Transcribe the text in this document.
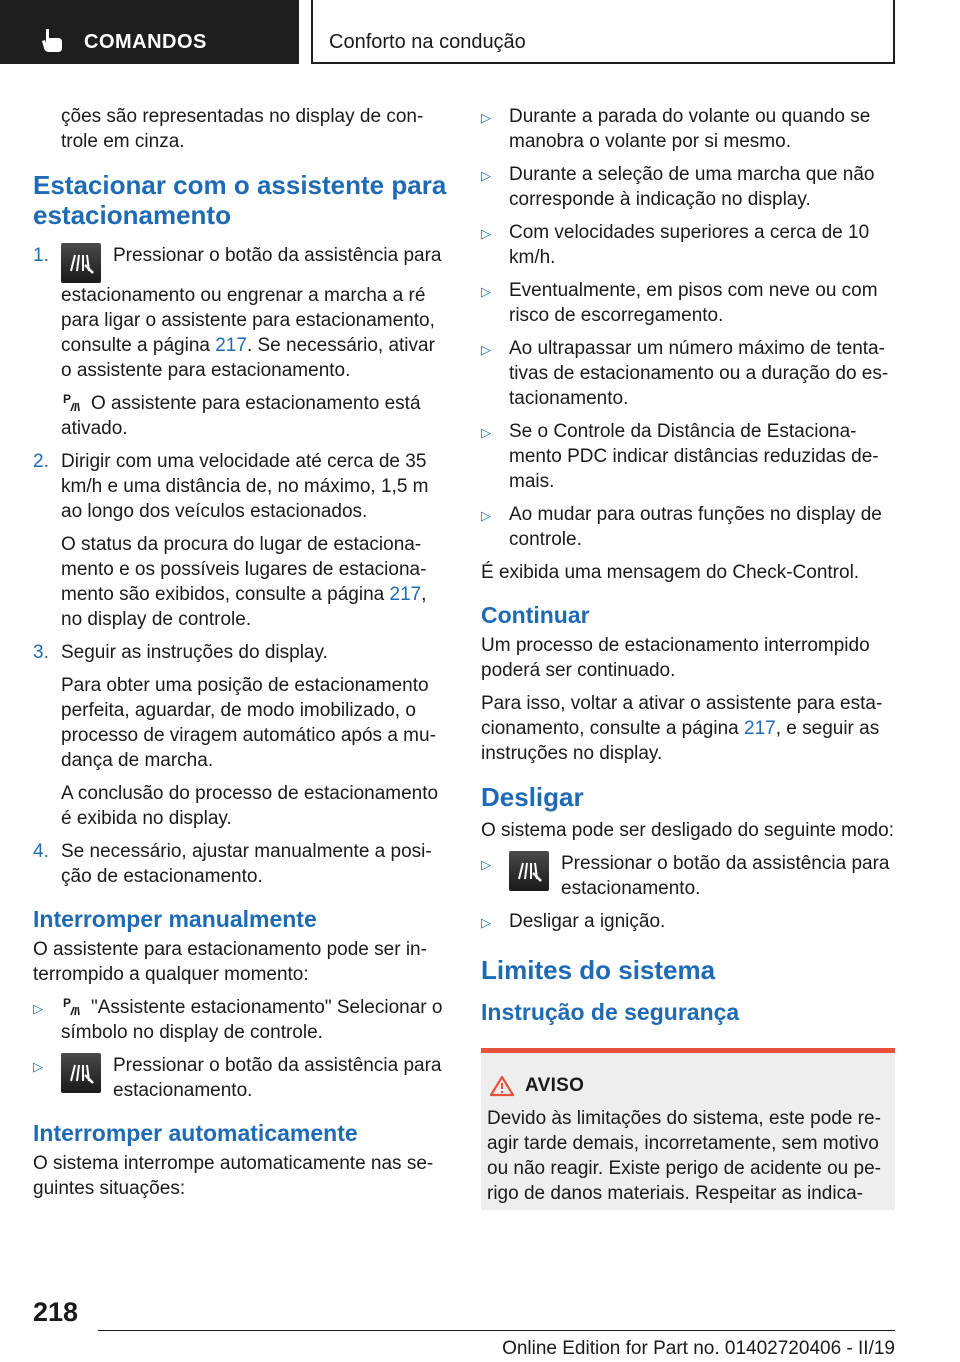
COMANDOS	Conforto na condução

ções são representadas no display de controle em cinza.

Estacionar com o assistente para estacionamento
1.	Pressionar o botão da assistência para estacionamento ou engrenar a marcha a ré para ligar o assistente para estacionamento, consulte a página 217. Se necessário, ativar o assistente para estacionamento.

P O assistente para estacionamento está ativado.

2. Dirigir com uma velocidade até cerca de 35 km/h e uma distância de, no máximo, 1,5 m ao longo dos veículos estacionados.

O status da procura do lugar de estacionamento e os possíveis lugares de estacionamento são exibidos, consulte a página 217, no display de controle.

3. Seguir as instruções do display.

Para obter uma posição de estacionamento perfeita, aguardar, de modo imobilizado, o processo de viragem automático após a mudança de marcha.

A conclusão do processo de estacionamento é exibida no display.

4. Se necessário, ajustar manualmente a posição de estacionamento.

Interromper manualmente

O assistente para estacionamento pode ser interrompido a qualquer momento:

▷	P "Assistente estacionamento" Selecionar o símbolo no display de controle.
▷	Pressionar o botão da assistência para estacionamento.
Interromper automaticamente

O sistema interrompe automaticamente nas seguintes situações:

▷ Durante a parada do volante ou quando se manobra o volante por si mesmo.
▷ Durante a seleção de uma marcha que não corresponde à indicação no display.
▷ Com velocidades superiores a cerca de 10 km/h.
▷ Eventualmente, em pisos com neve ou com risco de escorregamento.
▷ Ao ultrapassar um número máximo de tentativas de estacionamento ou a duração do estacionamento.
▷ Se o Controle da Distância de Estacionamento PDC indicar distâncias reduzidas demais.
▷ Ao mudar para outras funções no display de controle.

É exibida uma mensagem do Check-Control.

Continuar

Um processo de estacionamento interrompido poderá ser continuado.

Para isso, voltar a ativar o assistente para estacionamento, consulte a página 217, e seguir as instruções no display.

Desligar

O sistema pode ser desligado do seguinte modo:

▷	Pressionar o botão da assistência para estacionamento.
▷ Desligar a ignição.
Limites do sistema
Instrução de segurança
AVISO

Devido às limitações do sistema, este pode reagir tarde demais, incorretamente, sem motivo ou não reagir. Existe perigo de acidente ou perigo de danos materiais. Respeitar as indica-

218
Online Edition for Part no. 01402720406 - II/19
